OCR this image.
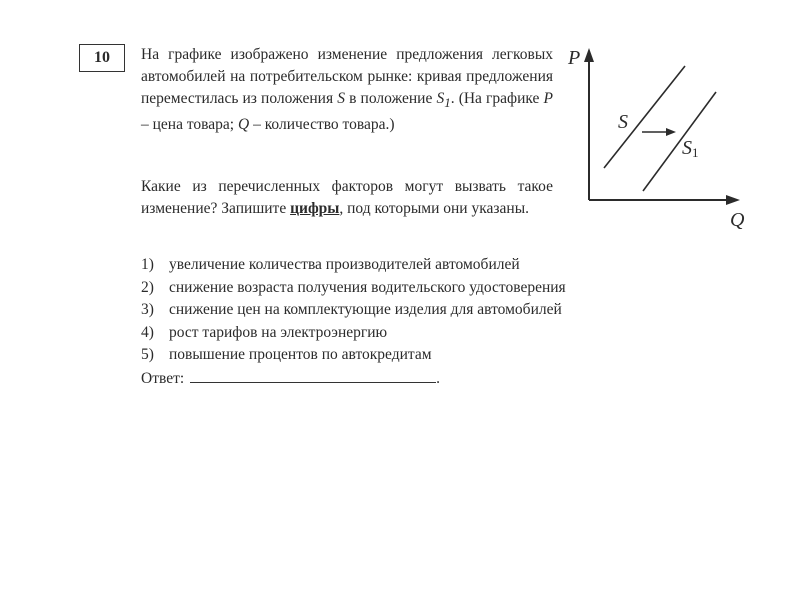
10 На графике изображено изменение предложения легковых автомобилей на потребительском рынке: кривая предложения переместилась из положения S в положение $S_1$. (На графике P – цена товара; Q – количество товара.)

Какие из перечисленных факторов могут вызвать такое изменение? Запишите цифры, под которыми они указаны.

1) увеличение количества производителей автомобилей
2) снижение возраста получения водительского удостоверения
3) снижение цен на комплектующие изделия для автомобилей
4) рост тарифов на электроэнергию
5) повышение процентов по автокредитам
Ответ:	.
P
Q
S
S1
